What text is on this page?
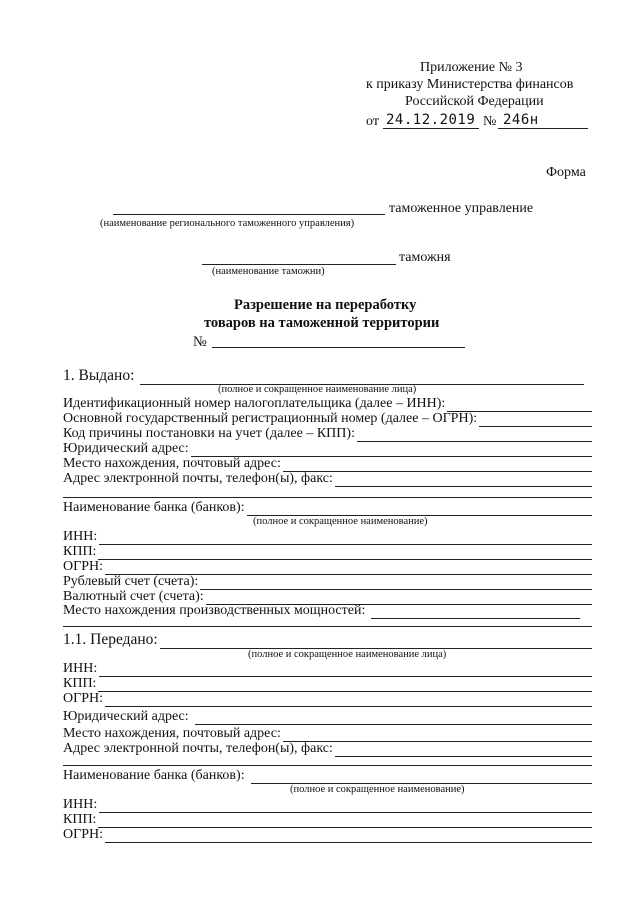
Приложение № 3
к приказу Министерства финансов
Российской Федерации
от 24.12.2019 № 246н
Форма
таможенное управление
(наименование регионального таможенного управления)
таможня
(наименование таможни)
Разрешение на переработку
товаров на таможенной территории
№
1. Выдано:
(полное и сокращенное наименование лица)
Идентификационный номер налогоплательщика (далее – ИНН):
Основной государственный регистрационный номер (далее – ОГРН):
Код причины постановки на учет (далее – КПП):
Юридический адрес:
Место нахождения, почтовый адрес:
Адрес электронной почты, телефон(ы), факс:
Наименование банка (банков):
(полное и сокращенное наименование)
ИНН:
КПП:
ОГРН:
Рублевый счет (счета):
Валютный счет (счета):
Место нахождения производственных мощностей:
1.1. Передано:
(полное и сокращенное наименование лица)
ИНН:
КПП:
ОГРН:
Юридический адрес:
Место нахождения, почтовый адрес:
Адрес электронной почты, телефон(ы), факс:
Наименование банка (банков):
(полное и сокращенное наименование)
ИНН:
КПП:
ОГРН:
